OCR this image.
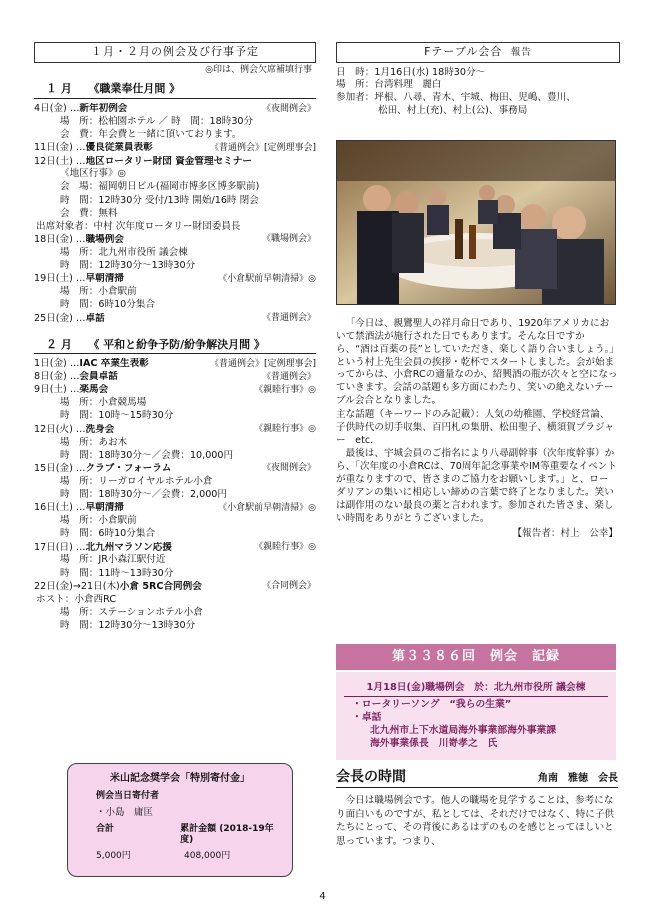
１月・２月の例会及び行事予定
◎印は、例会欠席補填行事
１ 月　　《職業奉仕月間 》
4日(金) … 新年初例会	《夜間例会》
場　所：松柏園ホテル ／ 時　間：18時30分
会　費：年会費と一緒に頂いております。
11日(金) … 優良従業員表彰	《普通例会》[定例理事会]
12日(土) … 地区ロータリー財団 資金管理セミナー
《地区行事》◎
会　場：福岡朝日ビル(福岡市博多区博多駅前)
時　間：12時30分 受付/13時 開始/16時 閉会
会　費：無料
出席対象者：中村 次年度ロータリー財団委員長
18日(金) … 職場例会	《職場例会》
場　所：北九州市役所 議会棟
時　間：12時30分～13時30分
19日(土) … 早朝清掃	《小倉駅前早朝清掃》◎
場　所：小倉駅前
時　間：6時10分集合
25日(金) … 卓話	《普通例会》
２ 月　　《 平和と紛争予防/紛争解決月間 》
1日(金) … IAC 卒業生表彰	《普通例会》[定例理事会]
8日(金) … 会員卓話	《普通例会》
9日(土) … 楽馬会	《親睦行事》◎
場　所：小倉競馬場
時　間：10時～15時30分
12日(火) … 洗身会	《親睦行事》◎
場　所：あお木
時　間：18時30分～／会費：10,000円
15日(金) … クラブ・フォーラム	《夜間例会》
場　所：リーガロイヤルホテル小倉
時　間：18時30分～／会費：2,000円
16日(土) … 早朝清掃	《小倉駅前早朝清掃》◎
場　所：小倉駅前
時　間：6時10分集合
17日(日) … 北九州マラソン応援	《親睦行事》◎
場　所：JR小森江駅付近
時　間：11時～13時30分
22日(金)→21日(木) 小倉 5RC合同例会	《合同例会》
ホスト：小倉西RC
場　所：ステーションホテル小倉
時　間：12時30分～13時30分
米山記念奨学会「特別寄付金」
例会当日寄付者
・小島　庸匡
合計	累計金額 (2018-19年度)
5,000円	408,000円
Fテーブル会合 報告
日　時：1月16日(水) 18時30分～
場　所：台湾料理　麗白
参加者：坪根、八尋、青木、宇城、梅田、児嶋、豊川、
松田、村上(充)、村上(公)、事務局

「今日は、親鸞聖人の祥月命日であり、1920年アメリカにおいて禁酒法が施行された日でもあります。そんな日ですから、“酒は百薬の長”としていただき、楽しく語り合いましょう。」という村上先生会員の挨拶・乾杯でスタートしました。会が始まってからは、小倉RCの適量なのか、紹興酒の瓶が次々と空になっていきます。会話の話題も多方面にわたり、笑いの絶えないテーブル会合となりました。

主な話題（キーワードのみ記載）：人気の幼稚園、学校経営論、子供時代の切手収集、百円札の集册、松田聖子、横須賀プラジャー　etc.

最後は、宇城会員のご指名により八尋副幹事（次年度幹事）から、「次年度の小倉RCは、70周年記念事業やIM等重要なイベントが重なりますので、皆さまのご協力をお願いします。」と、ローダリアンの集いに相応しい締めの言葉で終了となりました。笑いは副作用のない最良の薬と言われます。参加された皆さま、楽しい時間をありがとうございました。

【報告者：村上　公幸】
第３３８６回　例会　記録
1月18日(金)職場例会　於：北九州市役所 議会棟
・ロータリーソング　“我らの生業”
・卓話
北九州市上下水道局海外事業部海外事業課
海外事業係長　川嵜孝之　氏
会長の時間	角南　雅徳　会長

今日は職場例会です。他人の職場を見学することは、参考になり面白いものですが、私としては、それだけではなく、特に子供たちにとって、その背後にあるはずのものを感じとってほしいと思っています。つまり、

4
